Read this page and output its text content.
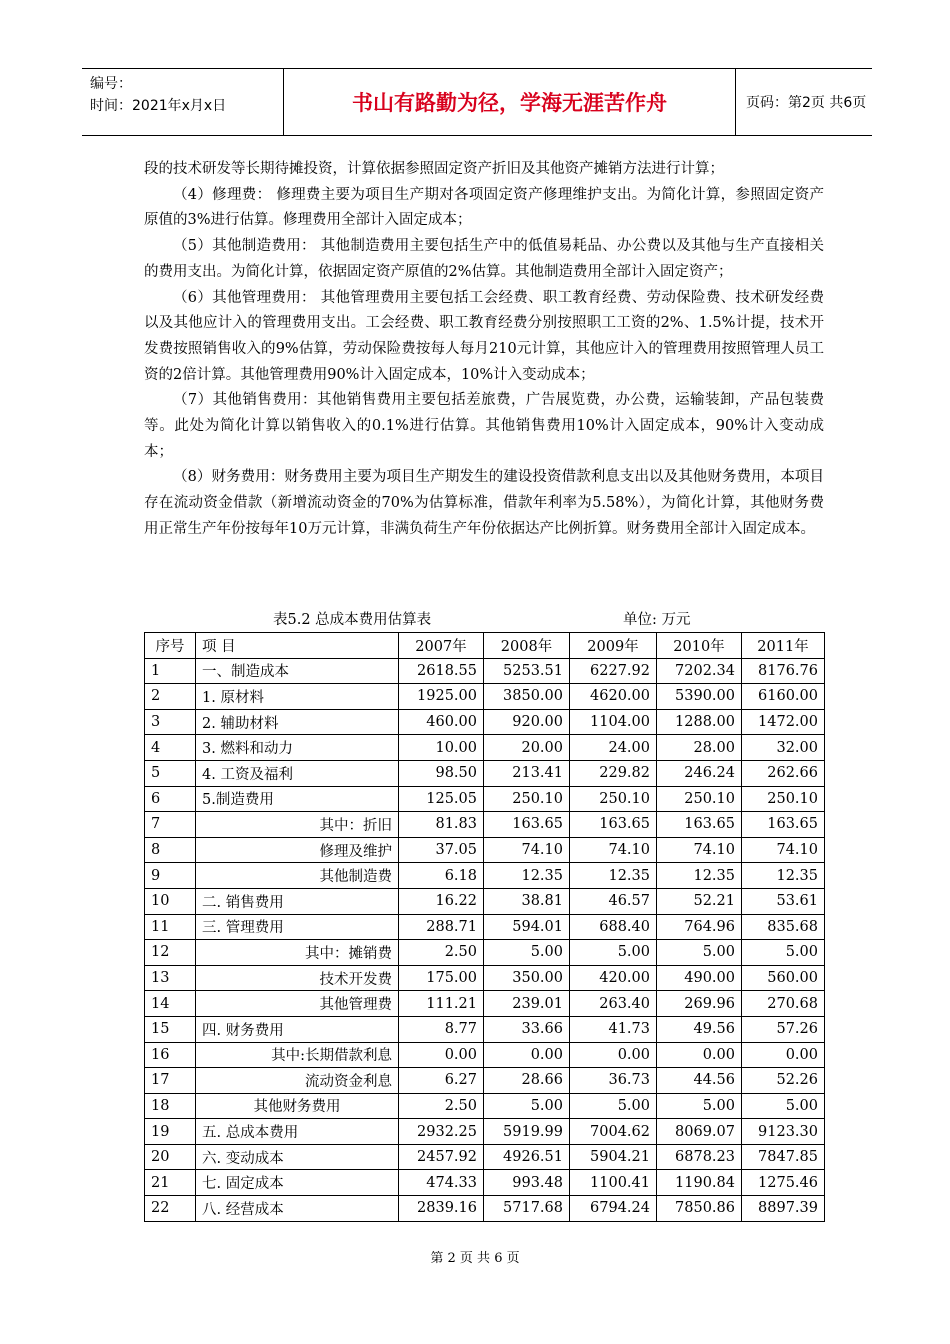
编号：
时间：2021年x月x日	书山有路勤为径，学海无涯苦作舟	页码：第2页 共6页

段的技术研发等长期待摊投资，计算依据参照固定资产折旧及其他资产摊销方法进行计算；

（4）修理费： 修理费主要为项目生产期对各项固定资产修理维护支出。为简化计算，参照固定资产原值的3%进行估算。修理费用全部计入固定成本；

（5）其他制造费用： 其他制造费用主要包括生产中的低值易耗品、办公费以及其他与生产直接相关的费用支出。为简化计算，依据固定资产原值的2%估算。其他制造费用全部计入固定资产；

（6）其他管理费用： 其他管理费用主要包括工会经费、职工教育经费、劳动保险费、技术研发经费以及其他应计入的管理费用支出。工会经费、职工教育经费分别按照职工工资的2%、1.5%计提，技术开发费按照销售收入的9%估算，劳动保险费按每人每月210元计算，其他应计入的管理费用按照管理人员工资的2倍计算。其他管理费用90%计入固定成本，10%计入变动成本；

（7）其他销售费用：其他销售费用主要包括差旅费，广告展览费，办公费，运输装卸，产品包装费等。此处为简化计算以销售收入的0.1%进行估算。其他销售费用10%计入固定成本，90%计入变动成本；

（8）财务费用：财务费用主要为项目生产期发生的建设投资借款利息支出以及其他财务费用，本项目存在流动资金借款（新增流动资金的70%为估算标准，借款年利率为5.58%），为简化计算，其他财务费用正常生产年份按每年10万元计算，非满负荷生产年份依据达产比例折算。财务费用全部计入固定成本。

表5.2 总成本费用估算表	单位: 万元
序号	项 目	2007年	2008年	2009年	2010年	2011年
1	一、制造成本	2618.55	5253.51	6227.92	7202.34	8176.76
2	1. 原材料	1925.00	3850.00	4620.00	5390.00	6160.00
3	2. 辅助材料	460.00	920.00	1104.00	1288.00	1472.00
4	3. 燃料和动力	10.00	20.00	24.00	28.00	32.00
5	4. 工资及福利	98.50	213.41	229.82	246.24	262.66
6	5.制造费用	125.05	250.10	250.10	250.10	250.10
7	其中：折旧	81.83	163.65	163.65	163.65	163.65
8	修理及维护	37.05	74.10	74.10	74.10	74.10
9	其他制造费	6.18	12.35	12.35	12.35	12.35
10	二. 销售费用	16.22	38.81	46.57	52.21	53.61
11	三. 管理费用	288.71	594.01	688.40	764.96	835.68
12	其中：摊销费	2.50	5.00	5.00	5.00	5.00
13	技术开发费	175.00	350.00	420.00	490.00	560.00
14	其他管理费	111.21	239.01	263.40	269.96	270.68
15	四. 财务费用	8.77	33.66	41.73	49.56	57.26
16	其中:长期借款利息	0.00	0.00	0.00	0.00	0.00
17	流动资金利息	6.27	28.66	36.73	44.56	52.26
18	其他财务费用	2.50	5.00	5.00	5.00	5.00
19	五. 总成本费用	2932.25	5919.99	7004.62	8069.07	9123.30
20	六. 变动成本	2457.92	4926.51	5904.21	6878.23	7847.85
21	七. 固定成本	474.33	993.48	1100.41	1190.84	1275.46
22	八. 经营成本	2839.16	5717.68	6794.24	7850.86	8897.39
第 2 页 共 6 页
